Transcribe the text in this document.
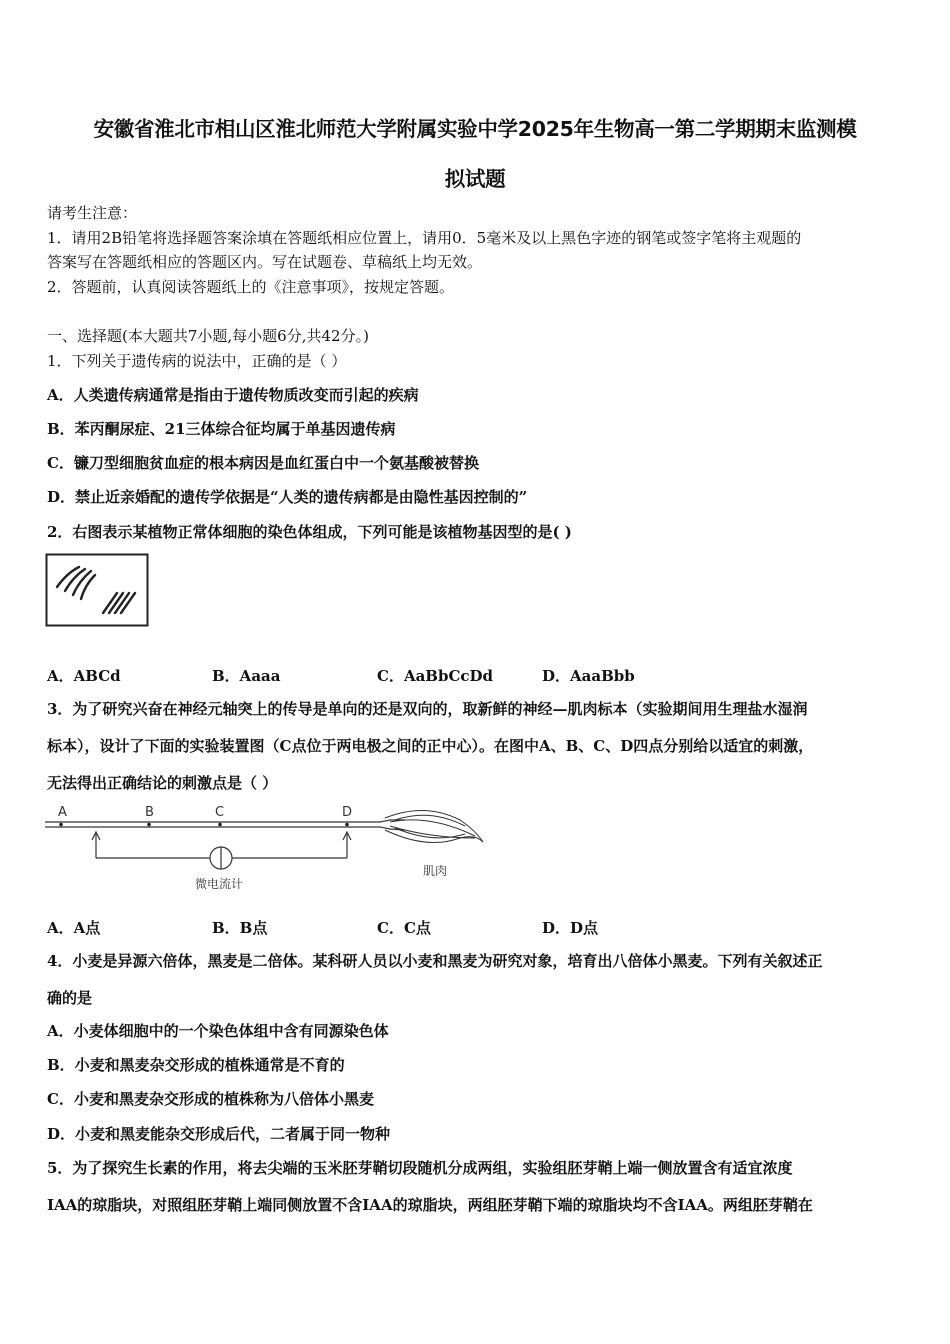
安徽省淮北市相山区淮北师范大学附属实验中学2025年生物高一第二学期期末监测模
拟试题
请考生注意：
1．请用2B铅笔将选择题答案涂填在答题纸相应位置上，请用0．5毫米及以上黑色字迹的钢笔或签字笔将主观题的
答案写在答题纸相应的答题区内。写在试题卷、草稿纸上均无效。
2．答题前，认真阅读答题纸上的《注意事项》，按规定答题。
一、选择题(本大题共7小题,每小题6分,共42分。)
1．下列关于遗传病的说法中，正确的是（ ）
A．人类遗传病通常是指由于遗传物质改变而引起的疾病
B．苯丙酮尿症、21三体综合征均属于单基因遗传病
C．镰刀型细胞贫血症的根本病因是血红蛋白中一个氨基酸被替换
D．禁止近亲婚配的遗传学依据是“人类的遗传病都是由隐性基因控制的”
2．右图表示某植物正常体细胞的染色体组成，下列可能是该植物基因型的是( )
A．ABCd	B．Aaaa	C．AaBbCcDd	D．AaaBbb
3．为了研究兴奋在神经元轴突上的传导是单向的还是双向的，取新鲜的神经—肌肉标本（实验期间用生理盐水湿润
标本），设计了下面的实验装置图（C点位于两电极之间的正中心）。在图中A、B、C、D四点分别给以适宜的刺激，
无法得出正确结论的刺激点是（ ）
A	B	C	D
微电流计
肌肉
A．A点	B．B点	C．C点	D．D点
4．小麦是异源六倍体，黑麦是二倍体。某科研人员以小麦和黑麦为研究对象，培育出八倍体小黑麦。下列有关叙述正
确的是
A．小麦体细胞中的一个染色体组中含有同源染色体
B．小麦和黑麦杂交形成的植株通常是不育的
C．小麦和黑麦杂交形成的植株称为八倍体小黑麦
D．小麦和黑麦能杂交形成后代，二者属于同一物种
5．为了探究生长素的作用，将去尖端的玉米胚芽鞘切段随机分成两组，实验组胚芽鞘上端一侧放置含有适宜浓度
IAA的琼脂块，对照组胚芽鞘上端同侧放置不含IAA的琼脂块，两组胚芽鞘下端的琼脂块均不含IAA。两组胚芽鞘在
